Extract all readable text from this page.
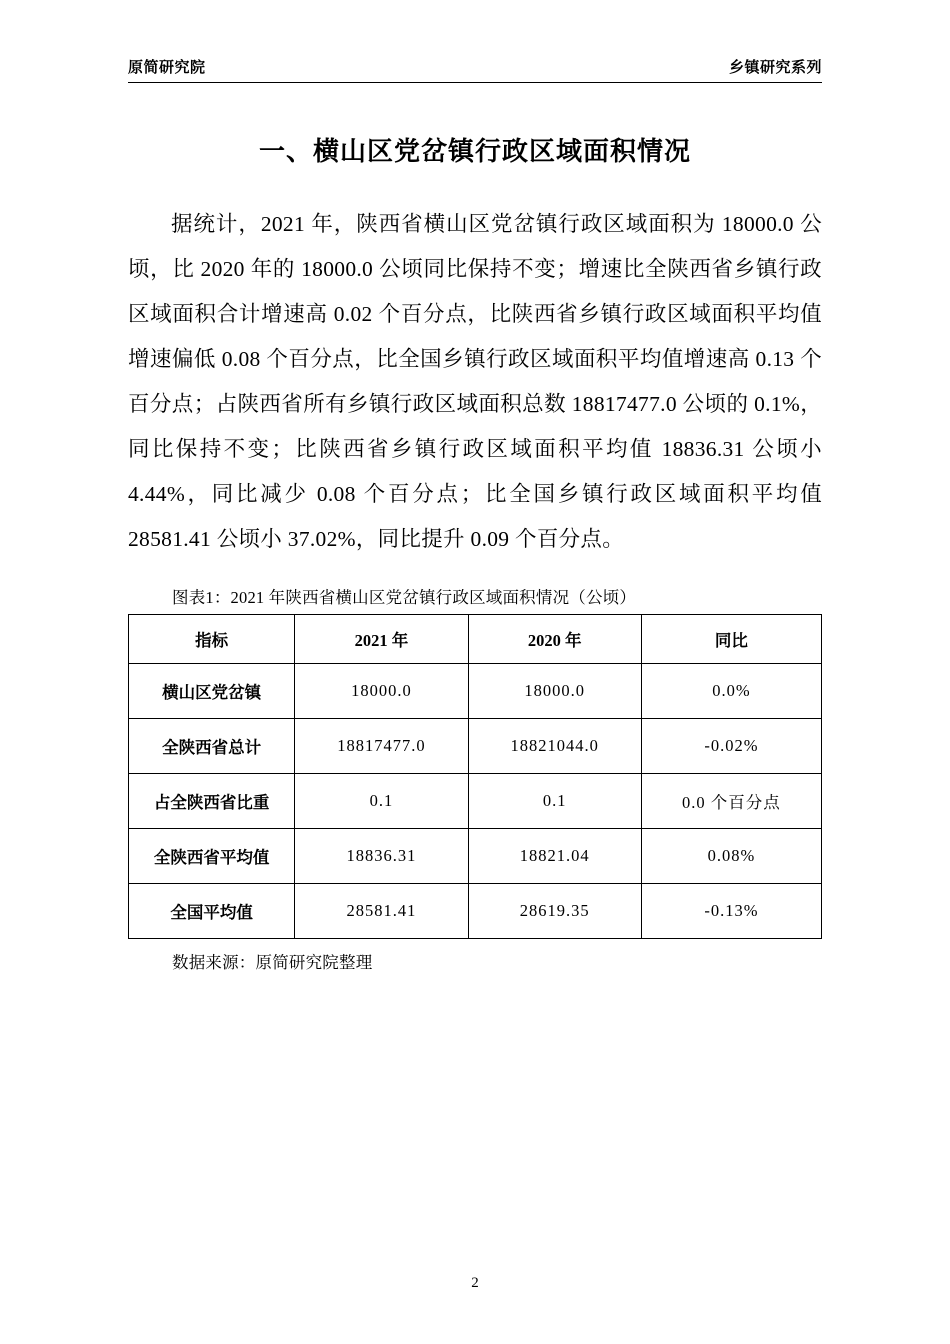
原简研究院	乡镇研究系列
一、横山区党岔镇行政区域面积情况

据统计，2021 年，陕西省横山区党岔镇行政区域面积为 18000.0 公顷，比 2020 年的 18000.0 公顷同比保持不变；增速比全陕西省乡镇行政区域面积合计增速高 0.02 个百分点，比陕西省乡镇行政区域面积平均值增速偏低 0.08 个百分点，比全国乡镇行政区域面积平均值增速高 0.13 个百分点；占陕西省所有乡镇行政区域面积总数 18817477.0 公顷的 0.1%，同比保持不变；比陕西省乡镇行政区域面积平均值 18836.31 公顷小 4.44%，同比减少 0.08 个百分点；比全国乡镇行政区域面积平均值 28581.41 公顷小 37.02%，同比提升 0.09 个百分点。

图表1：2021 年陕西省横山区党岔镇行政区域面积情况（公顷）
指标	2021 年	2020 年	同比
横山区党岔镇	18000.0	18000.0	0.0%
全陕西省总计	18817477.0	18821044.0	-0.02%
占全陕西省比重	0.1	0.1	0.0 个百分点
全陕西省平均值	18836.31	18821.04	0.08%
全国平均值	28581.41	28619.35	-0.13%
数据来源：原简研究院整理
2
